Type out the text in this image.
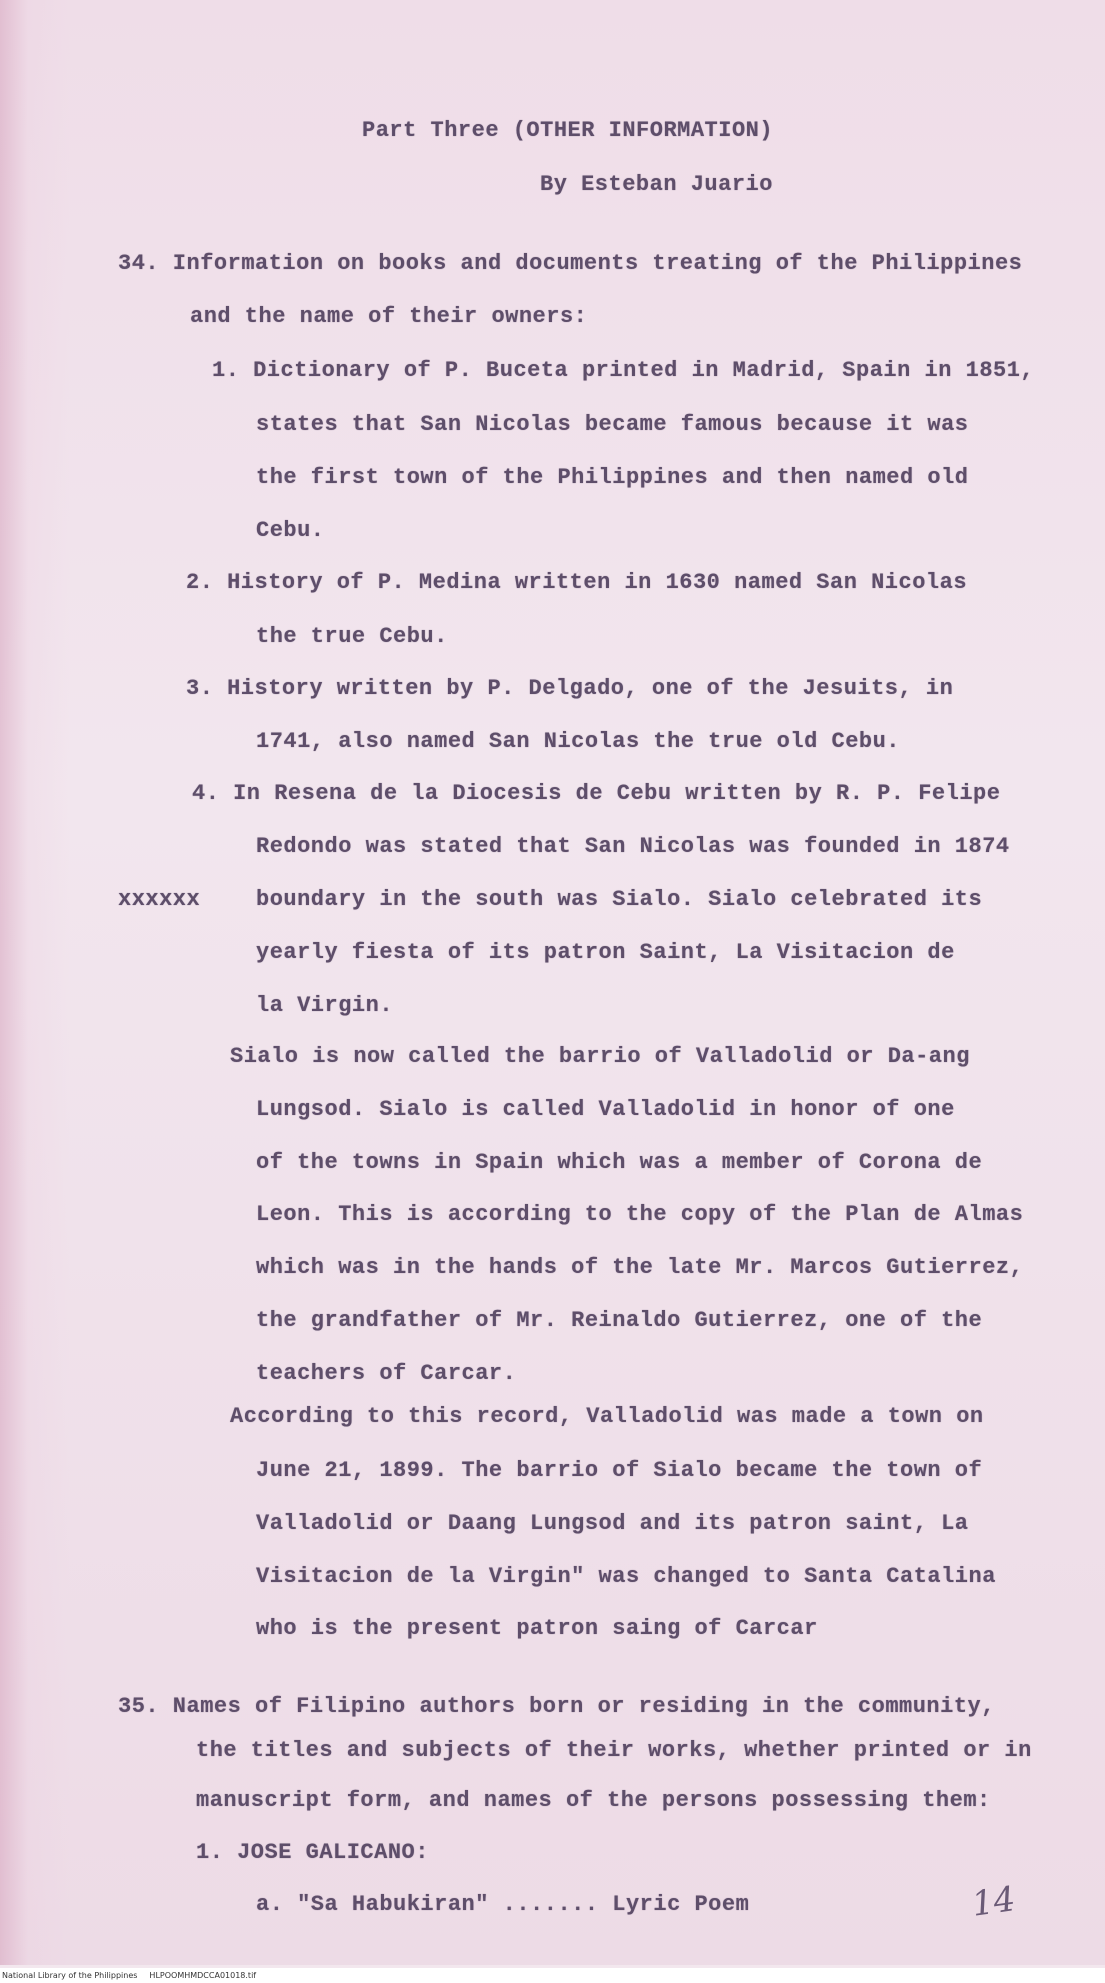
Part Three (OTHER INFORMATION)
By Esteban Juario
34. Information on books and documents treating of the Philippines
and the name of their owners:
1. Dictionary of P. Buceta printed in Madrid, Spain in 1851,
states that San Nicolas became famous because it was
the first town of the Philippines and then named old
Cebu.
2. History of P. Medina written in 1630 named San Nicolas
the true Cebu.
3. History written by P. Delgado, one of the Jesuits, in
1741, also named San Nicolas the true old Cebu.
4. In Resena de la Diocesis de Cebu written by R. P. Felipe
Redondo was stated that San Nicolas was founded in 1874
xxxxxx	boundary in the south was Sialo. Sialo celebrated its
yearly fiesta of its patron Saint, La Visitacion de
la Virgin.
Sialo is now called the barrio of Valladolid or Da-ang
Lungsod. Sialo is called Valladolid in honor of one
of the towns in Spain which was a member of Corona de
Leon. This is according to the copy of the Plan de Almas
which was in the hands of the late Mr. Marcos Gutierrez,
the grandfather of Mr. Reinaldo Gutierrez, one of the
teachers of Carcar.
According to this record, Valladolid was made a town on
June 21, 1899. The barrio of Sialo became the town of
Valladolid or Daang Lungsod and its patron saint, La
Visitacion de la Virgin" was changed to Santa Catalina
who is the present patron saing of Carcar
35. Names of Filipino authors born or residing in the community,
the titles and subjects of their works, whether printed or in
manuscript form, and names of the persons possessing them:
1. JOSE GALICANO:
a. "Sa Habukiran" ....... Lyric Poem	14
National Library of the Philippines HLPOOMHMDCCA01018.tif
